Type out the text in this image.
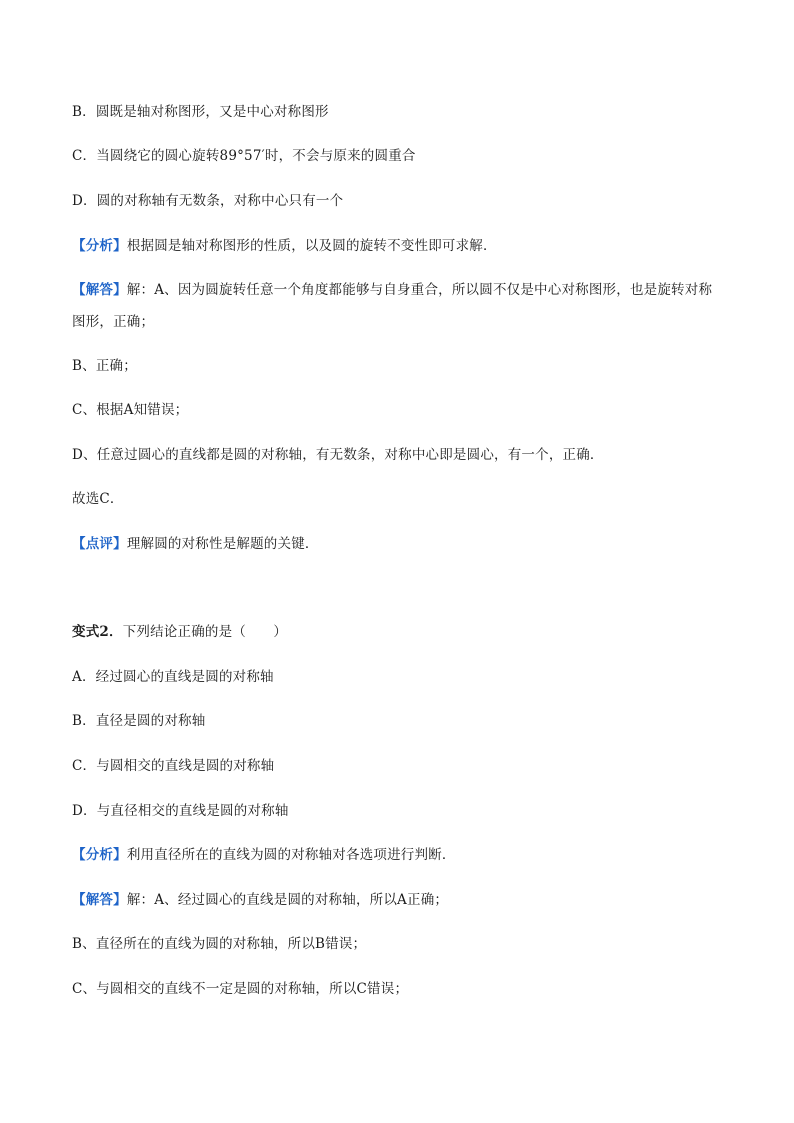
B．圆既是轴对称图形，又是中心对称图形
C．当圆绕它的圆心旋转89°57′时，不会与原来的圆重合
D．圆的对称轴有无数条，对称中心只有一个
【分析】根据圆是轴对称图形的性质，以及圆的旋转不变性即可求解．
【解答】解：A、因为圆旋转任意一个角度都能够与自身重合，所以圆不仅是中心对称图形，也是旋转对称
图形，正确；
B、正确；
C、根据A知错误；
D、任意过圆心的直线都是圆的对称轴，有无数条，对称中心即是圆心，有一个，正确．
故选C．
【点评】理解圆的对称性是解题的关键．
变式2．下列结论正确的是（　　）
A．经过圆心的直线是圆的对称轴
B．直径是圆的对称轴
C．与圆相交的直线是圆的对称轴
D．与直径相交的直线是圆的对称轴
【分析】利用直径所在的直线为圆的对称轴对各选项进行判断．
【解答】解：A、经过圆心的直线是圆的对称轴，所以A正确；
B、直径所在的直线为圆的对称轴，所以B错误；
C、与圆相交的直线不一定是圆的对称轴，所以C错误；
